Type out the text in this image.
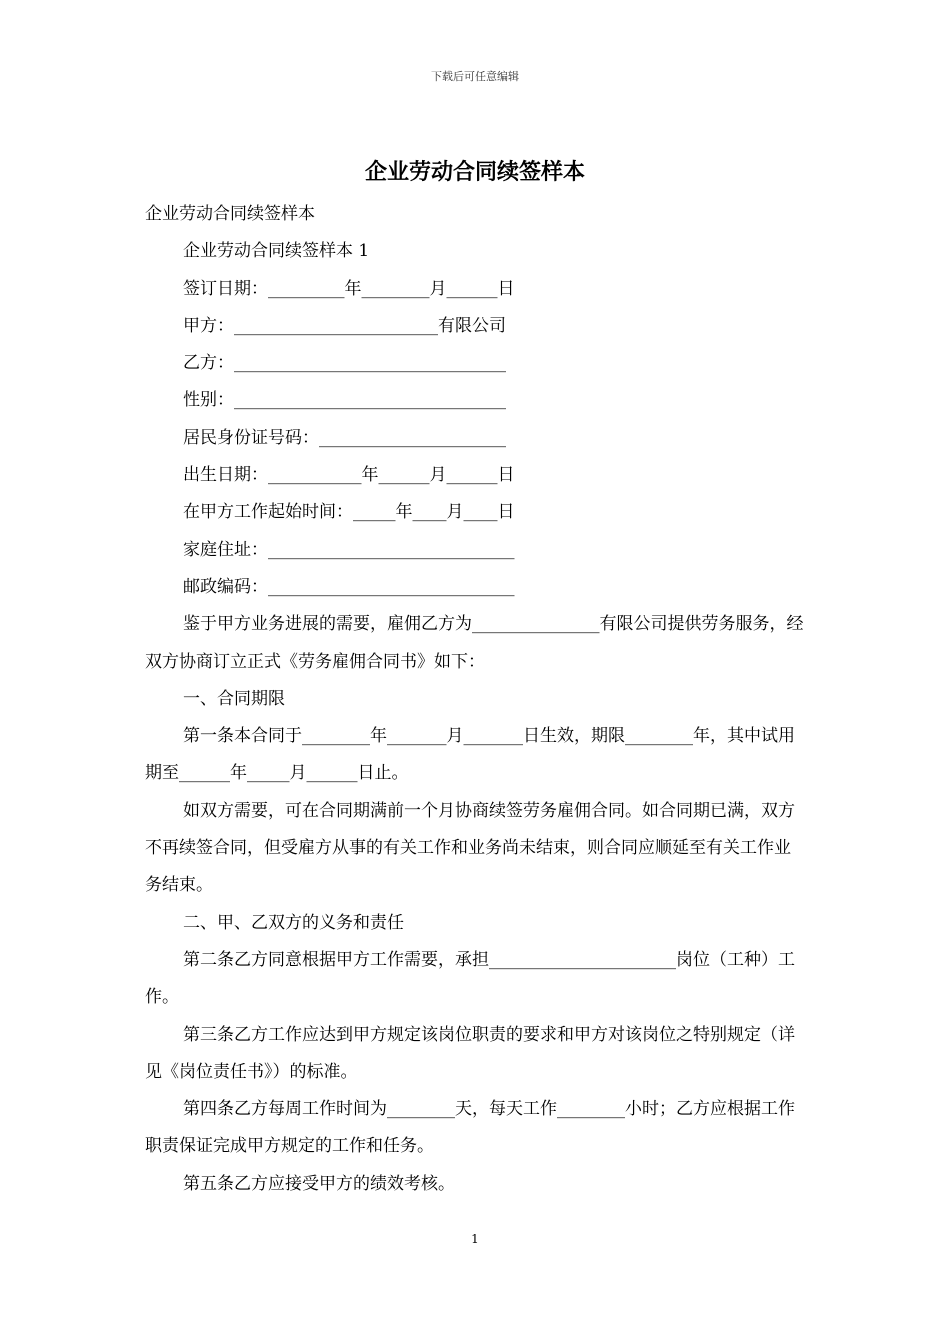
下载后可任意编辑
企业劳动合同续签样本
企业劳动合同续签样本
企业劳动合同续签样本 1
签订日期：_________年________月______日
甲方：________________________有限公司
乙方：________________________________
性别：________________________________
居民身份证号码：______________________
出生日期：___________年______月______日
在甲方工作起始时间：_____年____月____日
家庭住址：_____________________________
邮政编码：_____________________________
鉴于甲方业务进展的需要，雇佣乙方为_______________有限公司提供劳务服务，经双方协商订立正式《劳务雇佣合同书》如下：
一、合同期限
第一条本合同于________年_______月_______日生效，期限________年，其中试用期至______年_____月______日止。
如双方需要，可在合同期满前一个月协商续签劳务雇佣合同。如合同期已满，双方不再续签合同，但受雇方从事的有关工作和业务尚未结束，则合同应顺延至有关工作业务结束。
二、甲、乙双方的义务和责任
第二条乙方同意根据甲方工作需要，承担______________________岗位（工种）工作。
第三条乙方工作应达到甲方规定该岗位职责的要求和甲方对该岗位之特别规定（详见《岗位责任书》）的标准。
第四条乙方每周工作时间为________天，每天工作________小时；乙方应根据工作职责保证完成甲方规定的工作和任务。
第五条乙方应接受甲方的绩效考核。
1
